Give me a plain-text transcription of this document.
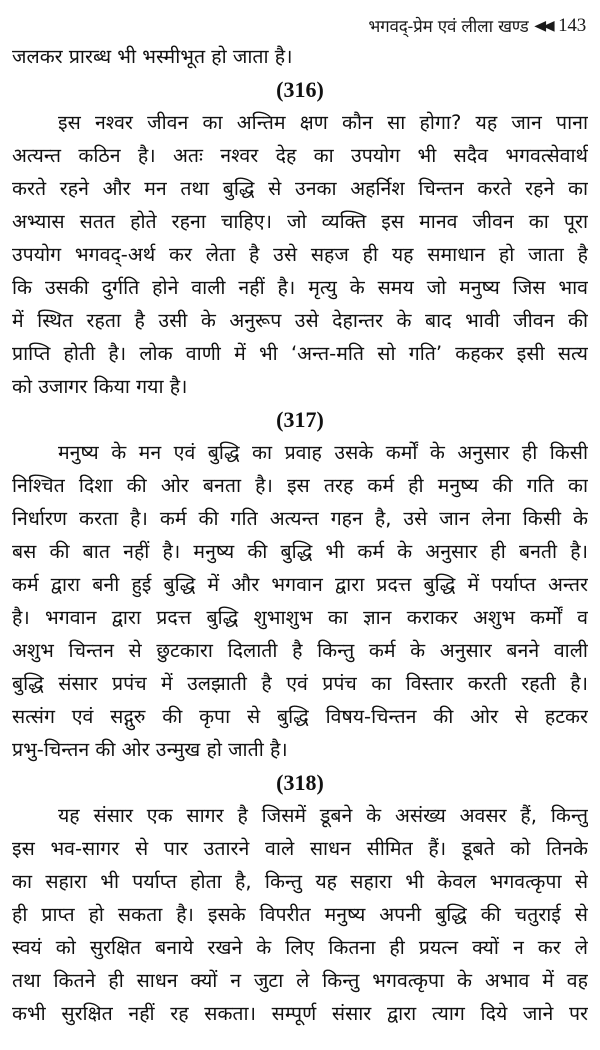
भगवद्-प्रेम एवं लीला खण्ड ◀◀ 143
जलकर प्रारब्ध भी भस्मीभूत हो जाता है।
(316)
इस नश्वर जीवन का अन्तिम क्षण कौन सा होगा? यह जान पाना
अत्यन्त कठिन है। अतः नश्वर देह का उपयोग भी सदैव भगवत्सेवार्थ
करते रहने और मन तथा बुद्धि से उनका अहर्निश चिन्तन करते रहने का
अभ्यास सतत होते रहना चाहिए। जो व्यक्ति इस मानव जीवन का पूरा
उपयोग भगवद्-अर्थ कर लेता है उसे सहज ही यह समाधान हो जाता है
कि उसकी दुर्गति होने वाली नहीं है। मृत्यु के समय जो मनुष्य जिस भाव
में स्थित रहता है उसी के अनुरूप उसे देहान्तर के बाद भावी जीवन की
प्राप्ति होती है। लोक वाणी में भी ‘अन्त-मति सो गति’ कहकर इसी सत्य
को उजागर किया गया है।
(317)
मनुष्य के मन एवं बुद्धि का प्रवाह उसके कर्मों के अनुसार ही किसी
निश्चित दिशा की ओर बनता है। इस तरह कर्म ही मनुष्य की गति का
निर्धारण करता है। कर्म की गति अत्यन्त गहन है, उसे जान लेना किसी के
बस की बात नहीं है। मनुष्य की बुद्धि भी कर्म के अनुसार ही बनती है।
कर्म द्वारा बनी हुई बुद्धि में और भगवान द्वारा प्रदत्त बुद्धि में पर्याप्त अन्तर
है। भगवान द्वारा प्रदत्त बुद्धि शुभाशुभ का ज्ञान कराकर अशुभ कर्मों व
अशुभ चिन्तन से छुटकारा दिलाती है किन्तु कर्म के अनुसार बनने वाली
बुद्धि संसार प्रपंच में उलझाती है एवं प्रपंच का विस्तार करती रहती है।
सत्संग एवं सद्गुरु की कृपा से बुद्धि विषय-चिन्तन की ओर से हटकर
प्रभु-चिन्तन की ओर उन्मुख हो जाती है।
(318)
यह संसार एक सागर है जिसमें डूबने के असंख्य अवसर हैं, किन्तु
इस भव-सागर से पार उतारने वाले साधन सीमित हैं। डूबते को तिनके
का सहारा भी पर्याप्त होता है, किन्तु यह सहारा भी केवल भगवत्कृपा से
ही प्राप्त हो सकता है। इसके विपरीत मनुष्य अपनी बुद्धि की चतुराई से
स्वयं को सुरक्षित बनाये रखने के लिए कितना ही प्रयत्न क्यों न कर ले
तथा कितने ही साधन क्यों न जुटा ले किन्तु भगवत्कृपा के अभाव में वह
कभी सुरक्षित नहीं रह सकता। सम्पूर्ण संसार द्वारा त्याग दिये जाने पर
